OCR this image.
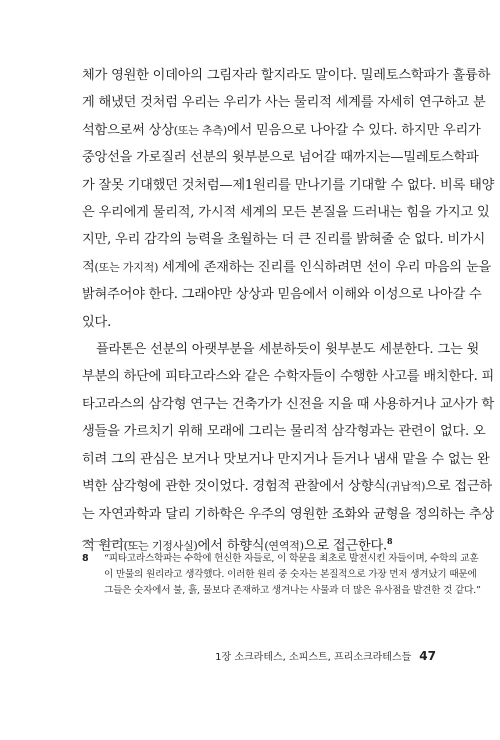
체가 영원한 이데아의 그림자라 할지라도 말이다. 밀레토스학파가 훌륭하
게 해냈던 것처럼 우리는 우리가 사는 물리적 세계를 자세히 연구하고 분
석함으로써 상상(또는 추측)에서 믿음으로 나아갈 수 있다. 하지만 우리가
중앙선을 가로질러 선분의 윗부분으로 넘어갈 때까지는—밀레토스학파
가 잘못 기대했던 것처럼—제1원리를 만나기를 기대할 수 없다. 비록 태양
은 우리에게 물리적, 가시적 세계의 모든 본질을 드러내는 힘을 가지고 있
지만, 우리 감각의 능력을 초월하는 더 큰 진리를 밝혀줄 순 없다. 비가시
적(또는 가지적) 세계에 존재하는 진리를 인식하려면 선이 우리 마음의 눈을
밝혀주어야 한다. 그래야만 상상과 믿음에서 이해와 이성으로 나아갈 수
있다.

플라톤은 선분의 아랫부분을 세분하듯이 윗부분도 세분한다. 그는 윗
부분의 하단에 피타고라스와 같은 수학자들이 수행한 사고를 배치한다. 피
타고라스의 삼각형 연구는 건축가가 신전을 지을 때 사용하거나 교사가 학
생들을 가르치기 위해 모래에 그리는 물리적 삼각형과는 관련이 없다. 오
히려 그의 관심은 보거나 맛보거나 만지거나 듣거나 냄새 맡을 수 없는 완
벽한 삼각형에 관한 것이었다. 경험적 관찰에서 상향식(귀납적)으로 접근하
는 자연과학과 달리 기하학은 우주의 영원한 조화와 균형을 정의하는 추상
적 원리(또는 기정사실)에서 하향식(연역적)으로 접근한다.$^8$

8 “피타고라스학파는 수학에 헌신한 자들로, 이 학문을 최초로 발전시킨 자들이며, 수학의 교훈
이 만물의 원리라고 생각했다. 이러한 원리 중 숫자는 본질적으로 가장 먼저 생겨났기 때문에
그들은 숫자에서 불, 흙, 물보다 존재하고 생겨나는 사물과 더 많은 유사점을 발견한 것 같다.”
1장 소크라테스, 소피스트, 프리소크라테스들 47
